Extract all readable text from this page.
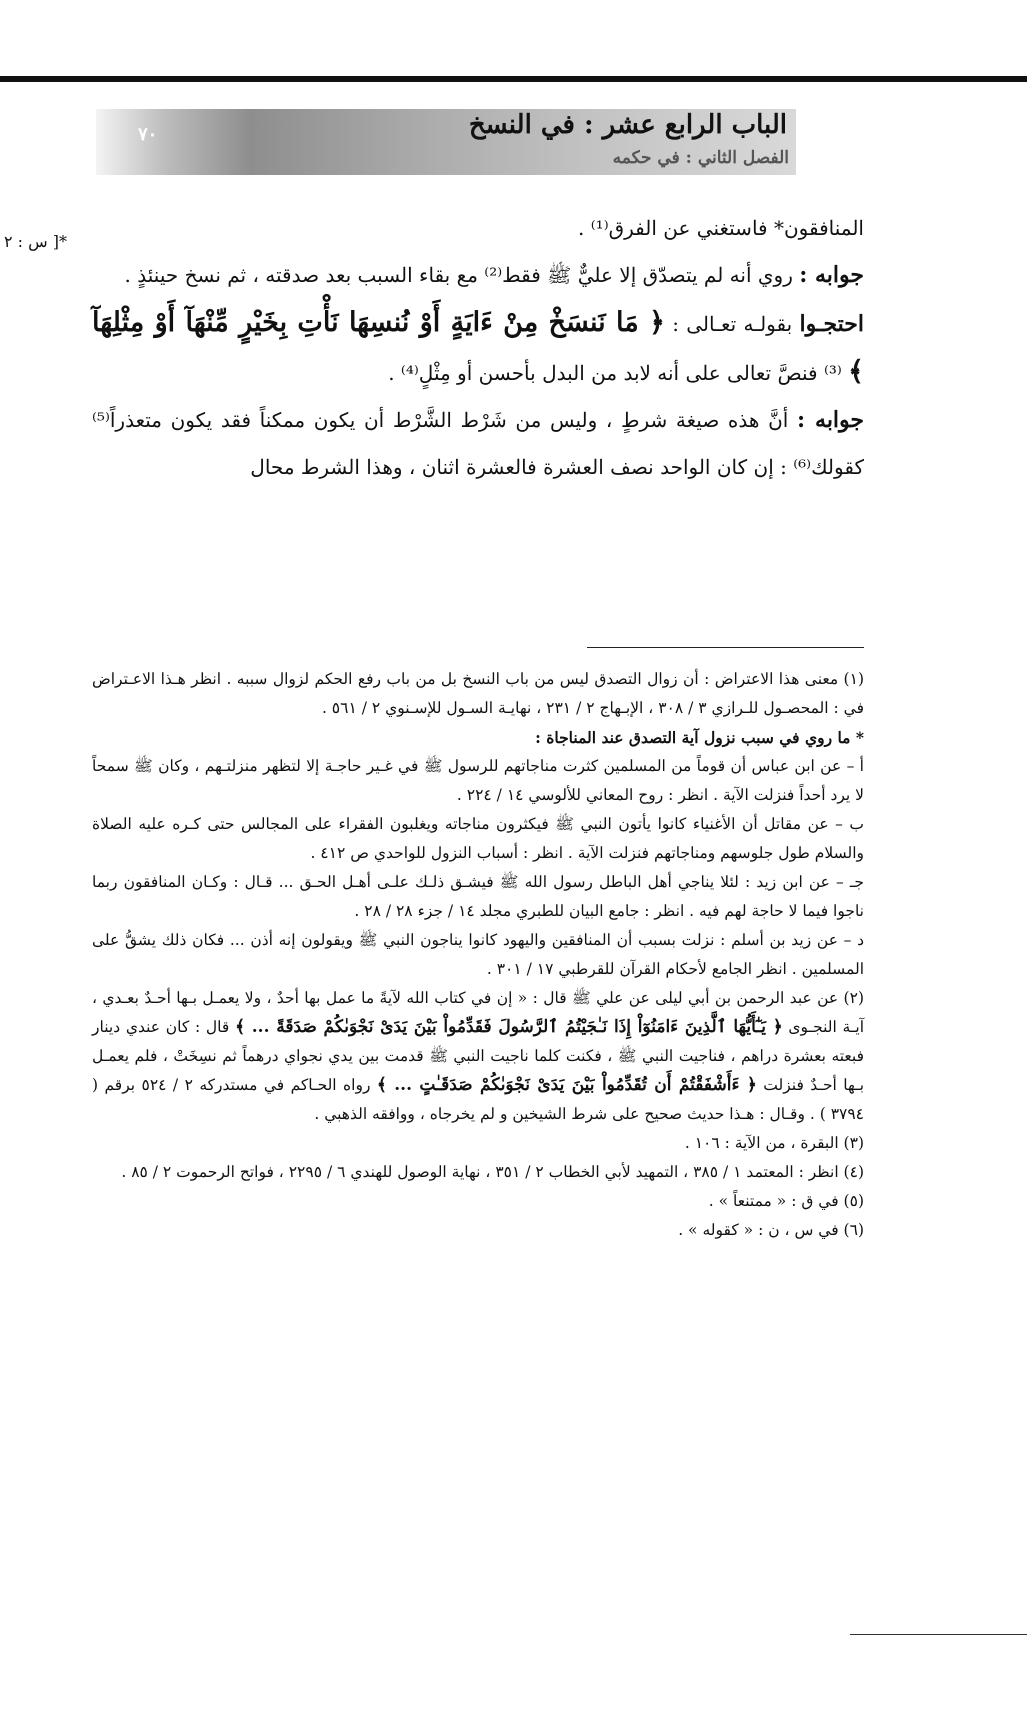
٧٠	الباب الرابع عشر : في النسخ
الفصل الثاني : في حكمه
*[ س : ٢

المنافقون* فاستغني عن الفرق⁽¹⁾ .

جوابه : روي أنه لم يتصدّق إلا عليٌّ ﷺ فقط⁽²⁾ مع بقاء السبب بعد صدقته ، ثم نسخ حينئذٍ .

احتجـوا بقولـه تعـالى : ﴿ مَا نَنسَخْ مِنْ ءَايَةٍ أَوْ نُنسِهَا نَأْتِ بِخَيْرٍ مِّنْهَآ أَوْ مِثْلِهَآ ﴾ ⁽³⁾ فنصَّ تعالى على أنه لابد من البدل بأحسن أو مِثْلٍ⁽⁴⁾ .

جوابه : أنَّ هذه صيغة شرطٍ ، وليس من شَرْط الشَّرْط أن يكون ممكناً فقد يكون متعذراً⁽⁵⁾ كقولك⁽⁶⁾ : إن كان الواحد نصف العشرة فالعشرة اثنان ، وهذا الشرط محال

(١) معنى هذا الاعتراض : أن زوال التصدق ليس من باب النسخ بل من باب رفع الحكم لزوال سببه . انظر هـذا الاعـتراض في : المحصـول للـرازي ٣ / ٣٠٨ ، الإبـهاج ٢ / ٢٣١ ، نهايـة السـول للإسـنوي ٢ / ٥٦١ .

* ما روي في سبب نزول آية التصدق عند المناجاة :

أ – عن ابن عباس أن قوماً من المسلمين كثرت مناجاتهم للرسول ﷺ في غـير حاجـة إلا لتظهر منزلتـهم ، وكان ﷺ سمحاً لا يرد أحداً فنزلت الآية . انظر : روح المعاني للألوسي ١٤ / ٢٢٤ .

ب – عن مقاتل أن الأغنياء كانوا يأتون النبي ﷺ فيكثرون مناجاته ويغلبون الفقراء على المجالس حتى كـره عليه الصلاة والسلام طول جلوسهم ومناجاتهم فنزلت الآية . انظر : أسباب النزول للواحدي ص ٤١٢ .

جـ – عن ابن زيد : لئلا يناجي أهل الباطل رسول الله ﷺ فيشـق ذلـك علـى أهـل الحـق ... قـال : وكـان المنافقون ربما ناجوا فيما لا حاجة لهم فيه . انظر : جامع البيان للطبري مجلد ١٤ / جزء ٢٨ / ٢٨ .

د – عن زيد بن أسلم : نزلت بسبب أن المنافقين واليهود كانوا يناجون النبي ﷺ ويقولون إنه أذن ... فكان ذلك يشقُّ على المسلمين . انظر الجامع لأحكام القرآن للقرطبي ١٧ / ٣٠١ .

(٢) عن عبد الرحمن بن أبي ليلى عن علي ﷺ قال : « إن في كتاب الله لآيةً ما عمل بها أحدٌ ، ولا يعمـل بـها أحـدٌ بعـدي ، آيـة النجـوى ﴿ يَـٰٓأَيُّهَا ٱلَّذِينَ ءَامَنُوٓاْ إِذَا نَـٰجَيْتُمُ ٱلرَّسُولَ فَقَدِّمُواْ بَيْنَ يَدَىْ نَجْوَىٰكُمْ صَدَقَةً ... ﴾ قال : كان عندي دينار فبعته بعشرة دراهم ، فناجيت النبي ﷺ ، فكنت كلما ناجيت النبي ﷺ قدمت بين يدي نجواي درهماً ثم نسِخَتْ ، فلم يعمـل بـها أحـدٌ فنزلت ﴿ ءَأَشْفَقْتُمْ أَن تُقَدِّمُواْ بَيْنَ يَدَىْ نَجْوَىٰكُمْ صَدَقَـٰتٍ ... ﴾ رواه الحـاكم في مستدركه ٢ / ٥٢٤ برقم ( ٣٧٩٤ ) . وقـال : هـذا حديث صحيح على شرط الشيخين و لم يخرجاه ، ووافقه الذهبي .

(٣) البقرة ، من الآية : ١٠٦ .

(٤) انظر : المعتمد ١ / ٣٨٥ ، التمهيد لأبي الخطاب ٢ / ٣٥١ ، نهاية الوصول للهندي ٦ / ٢٢٩٥ ، فواتح الرحموت ٢ / ٨٥ .

(٥) في ق : « ممتنعاً » .

(٦) في س ، ن : « كقوله » .
